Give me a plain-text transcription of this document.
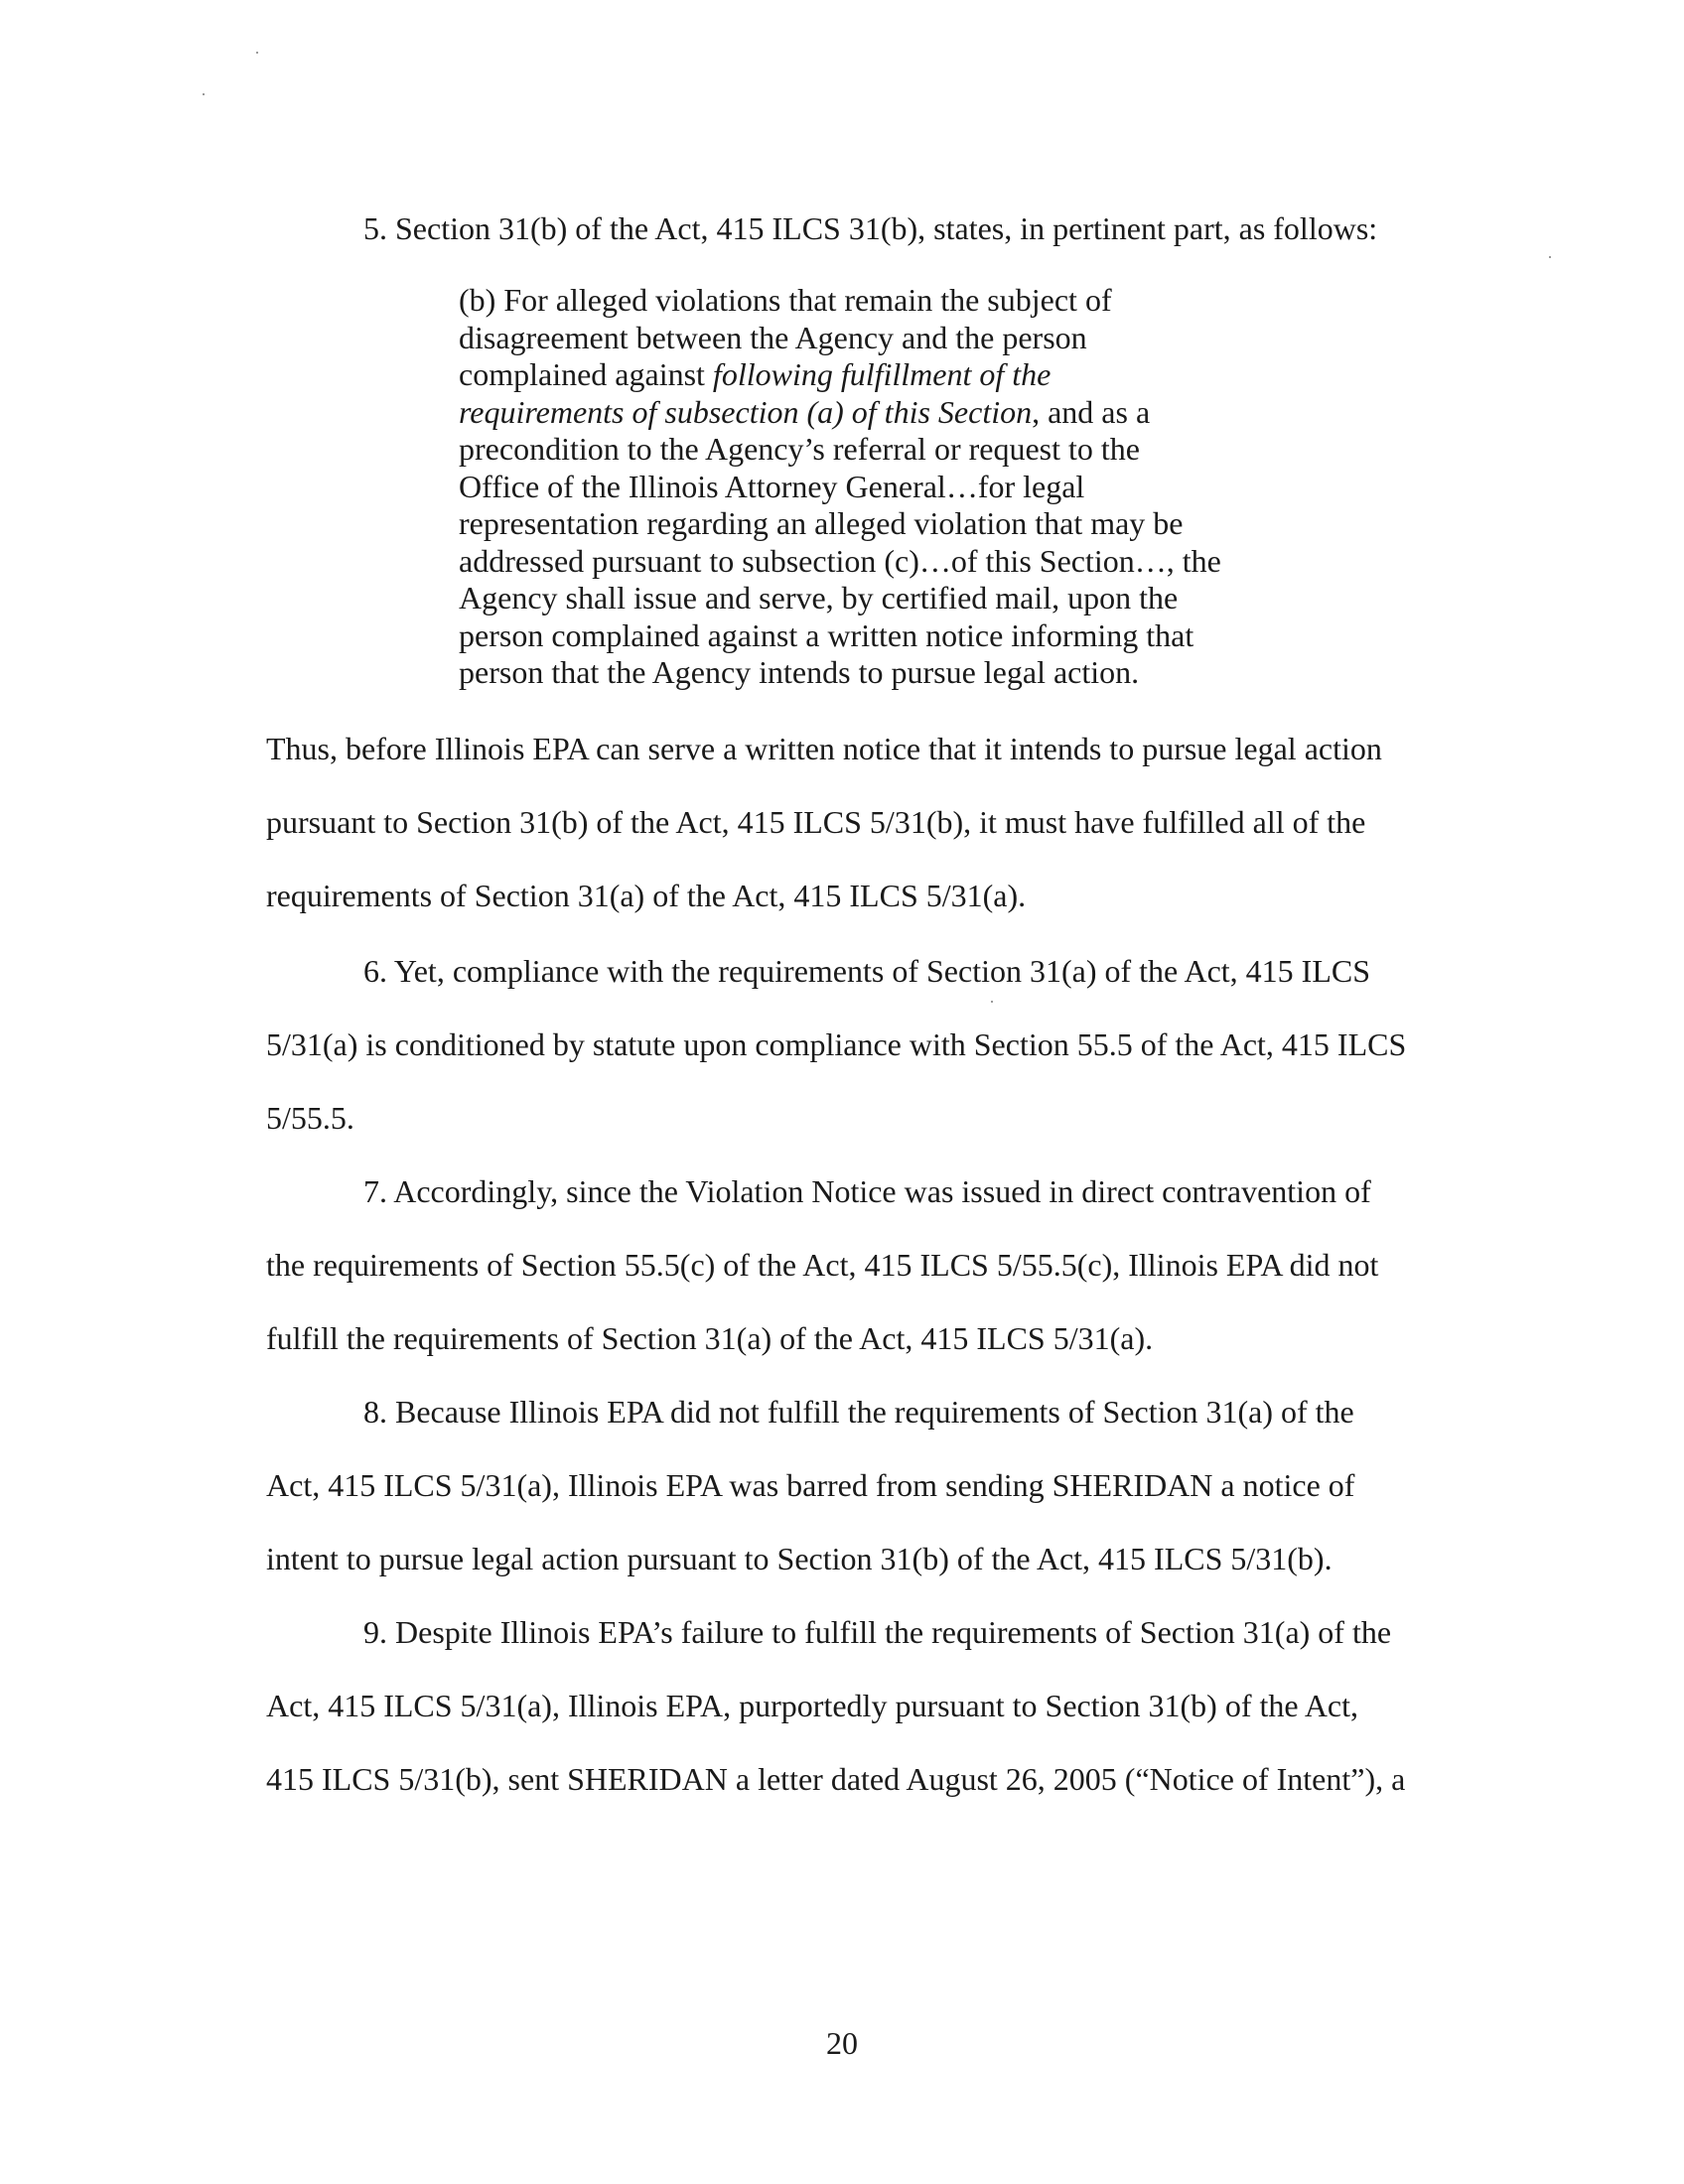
5. Section 31(b) of the Act, 415 ILCS 31(b), states, in pertinent part, as follows:
(b) For alleged violations that remain the subject of
disagreement between the Agency and the person
complained against following fulfillment of the
requirements of subsection (a) of this Section, and as a
precondition to the Agency’s referral or request to the
Office of the Illinois Attorney General…for legal
representation regarding an alleged violation that may be
addressed pursuant to subsection (c)…of this Section…, the
Agency shall issue and serve, by certified mail, upon the
person complained against a written notice informing that
person that the Agency intends to pursue legal action.
Thus, before Illinois EPA can serve a written notice that it intends to pursue legal action
pursuant to Section 31(b) of the Act, 415 ILCS 5/31(b), it must have fulfilled all of the
requirements of Section 31(a) of the Act, 415 ILCS 5/31(a).
6. Yet, compliance with the requirements of Section 31(a) of the Act, 415 ILCS
5/31(a) is conditioned by statute upon compliance with Section 55.5 of the Act, 415 ILCS
5/55.5.
7. Accordingly, since the Violation Notice was issued in direct contravention of
the requirements of Section 55.5(c) of the Act, 415 ILCS 5/55.5(c), Illinois EPA did not
fulfill the requirements of Section 31(a) of the Act, 415 ILCS 5/31(a).
8. Because Illinois EPA did not fulfill the requirements of Section 31(a) of the
Act, 415 ILCS 5/31(a), Illinois EPA was barred from sending SHERIDAN a notice of
intent to pursue legal action pursuant to Section 31(b) of the Act, 415 ILCS 5/31(b).
9. Despite Illinois EPA’s failure to fulfill the requirements of Section 31(a) of the
Act, 415 ILCS 5/31(a), Illinois EPA, purportedly pursuant to Section 31(b) of the Act,
415 ILCS 5/31(b), sent SHERIDAN a letter dated August 26, 2005 (“Notice of Intent”), a
20
